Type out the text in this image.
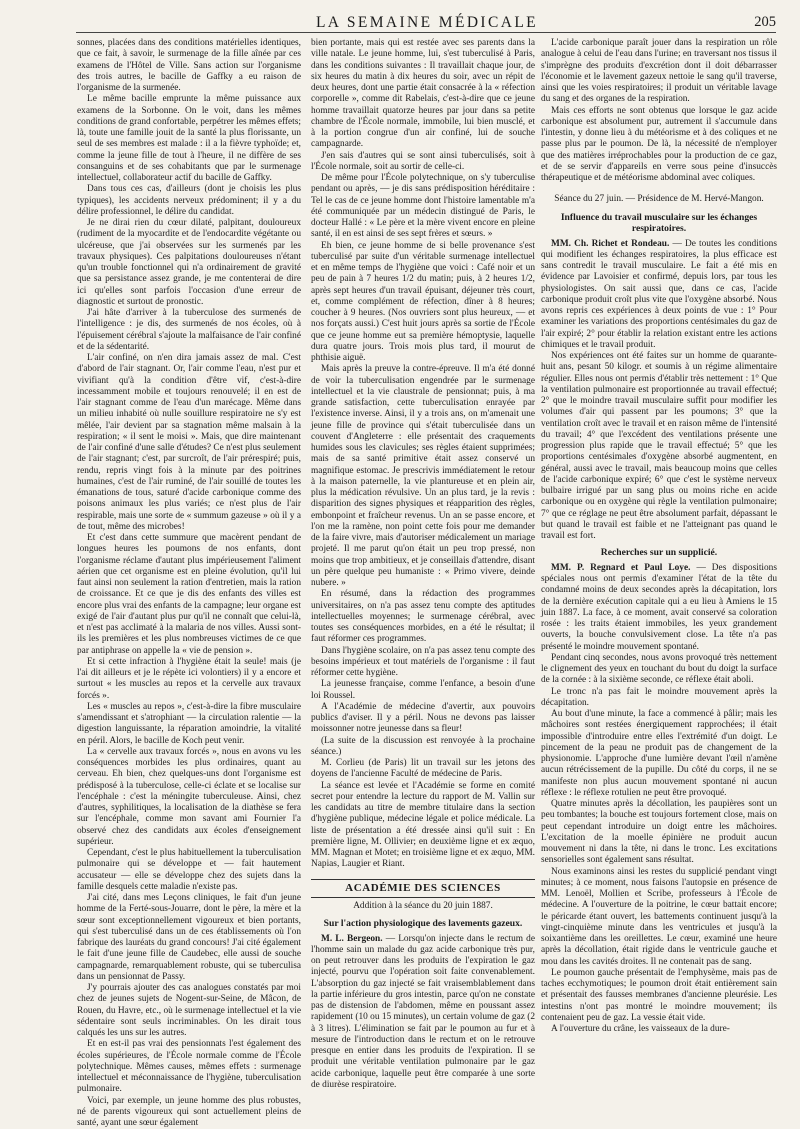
LA SEMAINE MÉDICALE	205

sonnes, placées dans des conditions matérielles identiques, que ce fait, à savoir, le surmenage de la fille aînée par ces examens de l'Hôtel de Ville. Sans action sur l'organisme des trois autres, le bacille de Gaffky a eu raison de l'organisme de la surmenée.

Le même bacille emprunte la même puissance aux examens de la Sorbonne. On le voit, dans les mêmes conditions de grand confortable, perpétrer les mêmes effets; là, toute une famille jouit de la santé la plus florissante, un seul de ses membres est malade : il a la fièvre typhoïde; et, comme la jeune fille de tout à l'heure, il ne diffère de ses consanguins et de ses cohabitants que par le surmenage intellectuel, collaborateur actif du bacille de Gaffky.

Dans tous ces cas, d'ailleurs (dont je choisis les plus typiques), les accidents nerveux prédominent; il y a du délire professionnel, le délire du candidat.

Je ne dirai rien du cœur dilaté, palpitant, douloureux (rudiment de la myocardite et de l'endocardite végétante ou ulcéreuse, que j'ai observées sur les surmenés par les travaux physiques). Ces palpitations douloureuses n'étant qu'un trouble fonctionnel qui n'a ordinairement de gravité que sa persistance assez grande, je me contenterai de dire ici qu'elles sont parfois l'occasion d'une erreur de diagnostic et surtout de pronostic.

J'ai hâte d'arriver à la tuberculose des surmenés de l'intelligence : je dis, des surmenés de nos écoles, où à l'épuisement cérébral s'ajoute la malfaisance de l'air confiné et de la sédentarité.

L'air confiné, on n'en dira jamais assez de mal. C'est d'abord de l'air stagnant. Or, l'air comme l'eau, n'est pur et vivifiant qu'à la condition d'être vif, c'est-à-dire incessamment mobile et toujours renouvelé; il en est de l'air stagnant comme de l'eau d'un marécage. Même dans un milieu inhabité où nulle souillure respiratoire ne s'y est mêlée, l'air devient par sa stagnation même malsain à la respiration; « il sent le moisi ». Mais, que dire maintenant de l'air confiné d'une salle d'études? Ce n'est plus seulement de l'air stagnant; c'est, par surcroît, de l'air prérespiré; puis, rendu, repris vingt fois à la minute par des poitrines humaines, c'est de l'air ruminé, de l'air souillé de toutes les émanations de tous, saturé d'acide carbonique comme des poisons animaux les plus variés; ce n'est plus de l'air respirable, mais une sorte de « summum gazeuse » où il y a de tout, même des microbes!

Et c'est dans cette summure que macèrent pendant de longues heures les poumons de nos enfants, dont l'organisme réclame d'autant plus impérieusement l'aliment aérien que cet organisme est en pleine évolution, qu'il lui faut ainsi non seulement la ration d'entretien, mais la ration de croissance. Et ce que je dis des enfants des villes est encore plus vrai des enfants de la campagne; leur organe est exigé de l'air d'autant plus pur qu'il ne connaît que celui-là, et n'est pas acclimaté à la malaria de nos villes. Aussi sont-ils les premières et les plus nombreuses victimes de ce que par antiphrase on appelle la « vie de pension ».

Et si cette infraction à l'hygiène était la seule! mais (je l'ai dit ailleurs et je le répète ici volontiers) il y a encore et surtout « les muscles au repos et la cervelle aux travaux forcés ».

Les « muscles au repos », c'est-à-dire la fibre musculaire s'amendissant et s'atrophiant — la circulation ralentie — la digestion languissante, la réparation amoindrie, la vitalité en péril. Alors, le bacille de Koch peut venir.

La « cervelle aux travaux forcés », nous en avons vu les conséquences morbides les plus ordinaires, quant au cerveau. Eh bien, chez quelques-uns dont l'organisme est prédisposé à la tuberculose, celle-ci éclate et se localise sur l'encéphale : c'est la méningite tuberculeuse. Ainsi, chez d'autres, syphilitiques, la localisation de la diathèse se fera sur l'encéphale, comme mon savant ami Fournier l'a observé chez des candidats aux écoles d'enseignement supérieur.

Cependant, c'est le plus habituellement la tuberculisation pulmonaire qui se développe et — fait hautement accusateur — elle se développe chez des sujets dans la famille desquels cette maladie n'existe pas.

J'ai cité, dans mes Leçons cliniques, le fait d'un jeune homme de la Ferté-sous-Jouarre, dont le père, la mère et la sœur sont exceptionnellement vigoureux et bien portants, qui s'est tuberculisé dans un de ces établissements où l'on fabrique des lauréats du grand concours! J'ai cité également le fait d'une jeune fille de Caudebec, elle aussi de souche campagnarde, remarquablement robuste, qui se tuberculisa dans un pensionnat de Passy.

J'y pourrais ajouter des cas analogues constatés par moi chez de jeunes sujets de Nogent-sur-Seine, de Mâcon, de Rouen, du Havre, etc., où le surmenage intellectuel et la vie sédentaire sont seuls incriminables. On les dirait tous calqués les uns sur les autres.

Et en est-il pas vrai des pensionnats l'est également des écoles supérieures, de l'École normale comme de l'École polytechnique. Mêmes causes, mêmes effets : surmenage intellectuel et méconnaissance de l'hygiène, tuberculisation pulmonaire.

Voici, par exemple, un jeune homme des plus robustes, né de parents vigoureux qui sont actuellement pleins de santé, ayant une sœur également

bien portante, mais qui est restée avec ses parents dans la ville natale. Le jeune homme, lui, s'est tuberculisé à Paris, dans les conditions suivantes : Il travaillait chaque jour, de six heures du matin à dix heures du soir, avec un répit de deux heures, dont une partie était consacrée à la « réfection corporelle », comme dit Rabelais, c'est-à-dire que ce jeune homme travaillait quatorze heures par jour dans sa petite chambre de l'École normale, immobile, lui bien musclé, et à la portion congrue d'un air confiné, lui de souche campagnarde.

J'en sais d'autres qui se sont ainsi tuberculisés, soit à l'École normale, soit au sortir de celle-ci.

De même pour l'École polytechnique, on s'y tuberculise pendant ou après, — je dis sans prédisposition héréditaire : Tel le cas de ce jeune homme dont l'histoire lamentable m'a été communiquée par un médecin distingué de Paris, le docteur Hallé : « Le père et la mère vivent encore en pleine santé, il en est ainsi de ses sept frères et sœurs. »

Eh bien, ce jeune homme de si belle provenance s'est tuberculisé par suite d'un véritable surmenage intellectuel et en même temps de l'hygiène que voici : Café noir et un peu de pain à 7 heures 1/2 du matin; puis, à 2 heures 1/2, après sept heures d'un travail épuisant, déjeuner très court, et, comme complément de réfection, dîner à 8 heures; coucher à 9 heures. (Nos ouvriers sont plus heureux, — et nos forçats aussi.) C'est huit jours après sa sortie de l'École que ce jeune homme eut sa première hémoptysie, laquelle dura quatre jours. Trois mois plus tard, il mourut de phthisie aiguë.

Mais après la preuve la contre-épreuve. Il m'a été donné de voir la tuberculisation engendrée par le surmenage intellectuel et la vie claustrale de pensionnat; puis, à ma grande satisfaction, cette tuberculisation enrayée par l'existence inverse. Ainsi, il y a trois ans, on m'amenait une jeune fille de province qui s'était tuberculisée dans un couvent d'Angleterre : elle présentait des craquements humides sous les clavicules; ses règles étaient supprimées; mais de sa santé primitive était assez conservé un magnifique estomac. Je prescrivis immédiatement le retour à la maison paternelle, la vie plantureuse et en plein air, plus la médication révulsive. Un an plus tard, je la revis : disparition des signes physiques et réapparition des règles, embonpoint et fraîcheur revenus. Un an se passe encore, et l'on me la ramène, non point cette fois pour me demander de la faire vivre, mais d'autoriser médicalement un mariage projeté. Il me parut qu'on était un peu trop pressé, non moins que trop ambitieux, et je conseillais d'attendre, disant un père quelque peu humaniste : « Primo vivere, deinde nubere. »

En résumé, dans la rédaction des programmes universitaires, on n'a pas assez tenu compte des aptitudes intellectuelles moyennes; le surmenage cérébral, avec toutes ses conséquences morbides, en a été le résultat; il faut réformer ces programmes.

Dans l'hygiène scolaire, on n'a pas assez tenu compte des besoins impérieux et tout matériels de l'organisme : il faut réformer cette hygiène.

La jeunesse française, comme l'enfance, a besoin d'une loi Roussel.

A l'Académie de médecine d'avertir, aux pouvoirs publics d'aviser. Il y a péril. Nous ne devons pas laisser moissonner notre jeunesse dans sa fleur!

(La suite de la discussion est renvoyée à la prochaine séance.)

M. Corlieu (de Paris) lit un travail sur les jetons des doyens de l'ancienne Faculté de médecine de Paris.

La séance est levée et l'Académie se forme en comité secret pour entendre la lecture du rapport de M. Vallin sur les candidats au titre de membre titulaire dans la section d'hygiène publique, médecine légale et police médicale. La liste de présentation a été dressée ainsi qu'il suit : En première ligne, M. Ollivier; en deuxième ligne et ex æquo, MM. Magnan et Motet; en troisième ligne et ex æquo, MM. Napias, Laugier et Riant.

ACADÉMIE DES SCIENCES
Addition à la séance du 20 juin 1887.
Sur l'action physiologique des lavements gazeux.

M. L. Bergeon. — Lorsqu'on injecte dans le rectum de l'homme sain un malade du gaz acide carbonique très pur, on peut retrouver dans les produits de l'expiration le gaz injecté, pourvu que l'opération soit faite convenablement. L'absorption du gaz injecté se fait vraisemblablement dans la partie inférieure du gros intestin, parce qu'on ne constate pas de distension de l'abdomen, même en poussant assez rapidement (10 ou 15 minutes), un certain volume de gaz (2 à 3 litres). L'élimination se fait par le poumon au fur et à mesure de l'introduction dans le rectum et on le retrouve presque en entier dans les produits de l'expiration. Il se produit une véritable ventilation pulmonaire par le gaz acide carbonique, laquelle peut être comparée à une sorte de diurèse respiratoire.

L'acide carbonique paraît jouer dans la respiration un rôle analogue à celui de l'eau dans l'urine; en traversant nos tissus il s'imprègne des produits d'excrétion dont il doit débarrasser l'économie et le lavement gazeux nettoie le sang qu'il traverse, ainsi que les voies respiratoires; il produit un véritable lavage du sang et des organes de la respiration.

Mais ces efforts ne sont obtenus que lorsque le gaz acide carbonique est absolument pur, autrement il s'accumule dans l'intestin, y donne lieu à du météorisme et à des coliques et ne passe plus par le poumon. De là, la nécessité de n'employer que des matières irréprochables pour la production de ce gaz, et de se servir d'appareils en verre sous peine d'insuccès thérapeutique et de météorisme abdominal avec coliques.

Séance du 27 juin. — Présidence de M. Hervé-Mangon.
Influence du travail musculaire sur les échanges respiratoires.

MM. Ch. Richet et Rondeau. — De toutes les conditions qui modifient les échanges respiratoires, la plus efficace est sans contredit le travail musculaire. Le fait a été mis en évidence par Lavoisier et confirmé, depuis lors, par tous les physiologistes. On sait aussi que, dans ce cas, l'acide carbonique produit croît plus vite que l'oxygène absorbé. Nous avons repris ces expériences à deux points de vue : 1° Pour examiner les variations des proportions centésimales du gaz de l'air expiré; 2° pour établir la relation existant entre les actions chimiques et le travail produit.

Nos expériences ont été faites sur un homme de quarante-huit ans, pesant 50 kilogr. et soumis à un régime alimentaire régulier. Elles nous ont permis d'établir très nettement : 1° Que la ventilation pulmonaire est proportionnée au travail effectué; 2° que le moindre travail musculaire suffit pour modifier les volumes d'air qui passent par les poumons; 3° que la ventilation croît avec le travail et en raison même de l'intensité du travail; 4° que l'excédent des ventilations présente une progression plus rapide que le travail effectué; 5° que les proportions centésimales d'oxygène absorbé augmentent, en général, aussi avec le travail, mais beaucoup moins que celles de l'acide carbonique expiré; 6° que c'est le système nerveux bulbaire irrigué par un sang plus ou moins riche en acide carbonique ou en oxygène qui règle la ventilation pulmonaire; 7° que ce réglage ne peut être absolument parfait, dépassant le but quand le travail est faible et ne l'atteignant pas quand le travail est fort.

Recherches sur un supplicié.

MM. P. Regnard et Paul Loye. — Des dispositions spéciales nous ont permis d'examiner l'état de la tête du condamné moins de deux secondes après la décapitation, lors de la dernière exécution capitale qui a eu lieu à Amiens le 15 juin 1887. La face, à ce moment, avait conservé sa coloration rosée : les traits étaient immobiles, les yeux grandement ouverts, la bouche convulsivement close. La tête n'a pas présenté le moindre mouvement spontané.

Pendant cinq secondes, nous avons provoqué très nettement le clignement des yeux en touchant du bout du doigt la surface de la cornée : à la sixième seconde, ce réflexe était aboli.

Le tronc n'a pas fait le moindre mouvement après la décapitation.

Au bout d'une minute, la face a commencé à pâlir; mais les mâchoires sont restées énergiquement rapprochées; il était impossible d'introduire entre elles l'extrémité d'un doigt. Le pincement de la peau ne produit pas de changement de la physionomie. L'approche d'une lumière devant l'œil n'amène aucun rétrécissement de la pupille. Du côté du corps, il ne se manifeste non plus aucun mouvement spontané ni aucun réflexe : le réflexe rotulien ne peut être provoqué.

Quatre minutes après la décollation, les paupières sont un peu tombantes; la bouche est toujours fortement close, mais on peut cependant introduire un doigt entre les mâchoires. L'excitation de la moelle épinière ne produit aucun mouvement ni dans la tête, ni dans le tronc. Les excitations sensorielles sont également sans résultat.

Nous examinons ainsi les restes du supplicié pendant vingt minutes; à ce moment, nous faisons l'autopsie en présence de MM. Lenoël, Mollien et Scribe, professeurs à l'École de médecine. A l'ouverture de la poitrine, le cœur battait encore; le péricarde étant ouvert, les battements continuent jusqu'à la vingt-cinquième minute dans les ventricules et jusqu'à la soixantième dans les oreillettes. Le cœur, examiné une heure après la décollation, était rigide dans le ventricule gauche et mou dans les cavités droites. Il ne contenait pas de sang.

Le poumon gauche présentait de l'emphysème, mais pas de taches ecchymotiques; le poumon droit était entièrement sain et présentait des fausses membranes d'ancienne pleurésie. Les intestins n'ont pas montré le moindre mouvement; ils contenaient peu de gaz. La vessie était vide.

A l'ouverture du crâne, les vaisseaux de la dure-
